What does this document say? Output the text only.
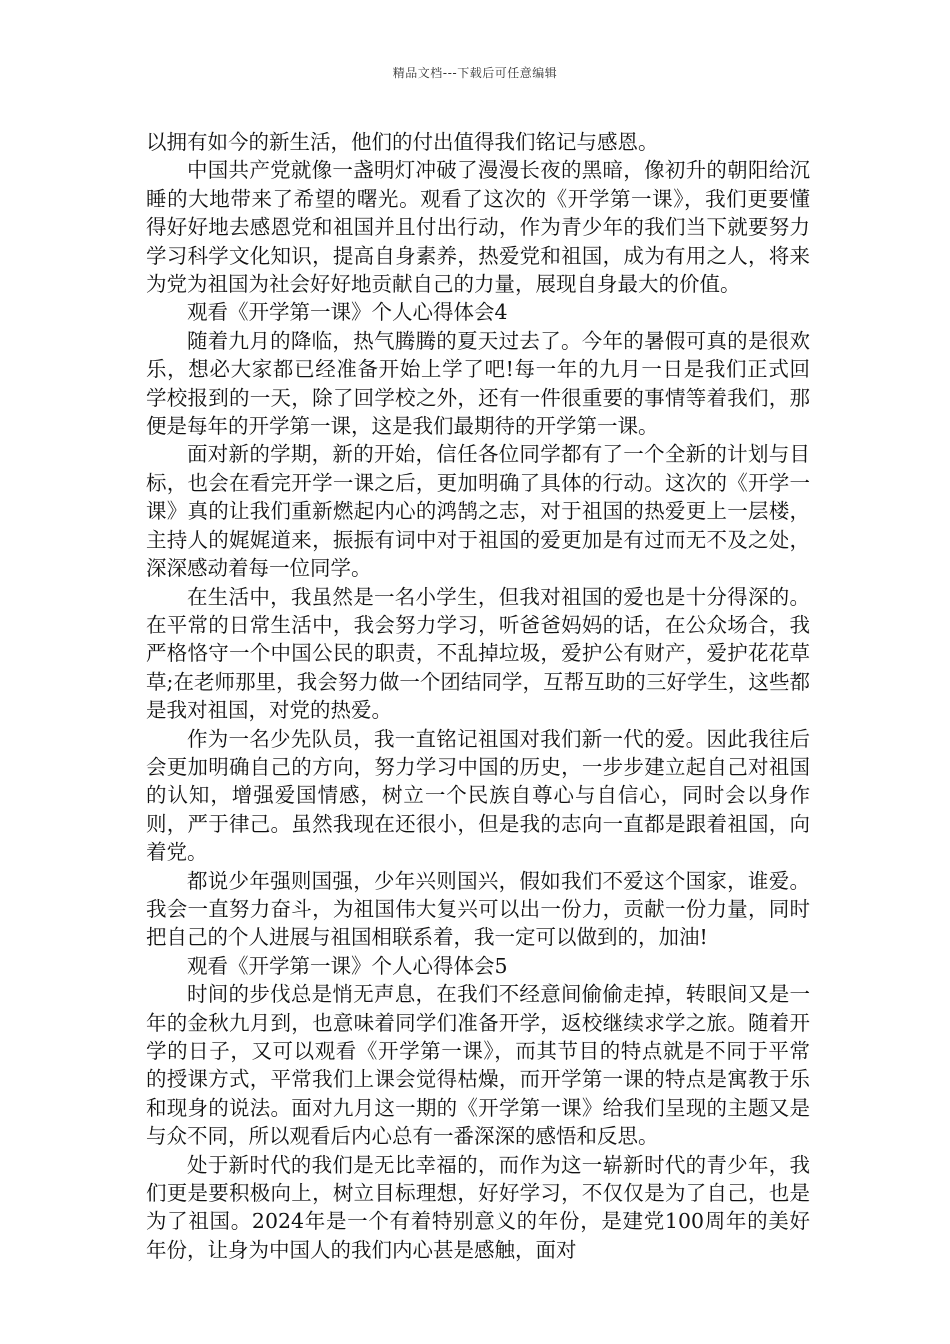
精品文档---下载后可任意编辑

以拥有如今的新生活，他们的付出值得我们铭记与感恩。

中国共产党就像一盏明灯冲破了漫漫长夜的黑暗，像初升的朝阳给沉睡的大地带来了希望的曙光。观看了这次的《开学第一课》，我们更要懂得好好地去感恩党和祖国并且付出行动，作为青少年的我们当下就要努力学习科学文化知识，提高自身素养，热爱党和祖国，成为有用之人，将来为党为祖国为社会好好地贡献自己的力量，展现自身最大的价值。

观看《开学第一课》个人心得体会4

随着九月的降临，热气腾腾的夏天过去了。今年的暑假可真的是很欢乐，想必大家都已经准备开始上学了吧!每一年的九月一日是我们正式回学校报到的一天，除了回学校之外，还有一件很重要的事情等着我们，那便是每年的开学第一课，这是我们最期待的开学第一课。

面对新的学期，新的开始，信任各位同学都有了一个全新的计划与目标，也会在看完开学一课之后，更加明确了具体的行动。这次的《开学一课》真的让我们重新燃起内心的鸿鹄之志，对于祖国的热爱更上一层楼，主持人的娓娓道来，振振有词中对于祖国的爱更加是有过而无不及之处，深深感动着每一位同学。

在生活中，我虽然是一名小学生，但我对祖国的爱也是十分得深的。在平常的日常生活中，我会努力学习，听爸爸妈妈的话，在公众场合，我严格恪守一个中国公民的职责，不乱掉垃圾，爱护公有财产，爱护花花草草;在老师那里，我会努力做一个团结同学，互帮互助的三好学生，这些都是我对祖国，对党的热爱。

作为一名少先队员，我一直铭记祖国对我们新一代的爱。因此我往后会更加明确自己的方向，努力学习中国的历史，一步步建立起自己对祖国的认知，增强爱国情感，树立一个民族自尊心与自信心，同时会以身作则，严于律己。虽然我现在还很小，但是我的志向一直都是跟着祖国，向着党。

都说少年强则国强，少年兴则国兴，假如我们不爱这个国家，谁爱。我会一直努力奋斗，为祖国伟大复兴可以出一份力，贡献一份力量，同时把自己的个人进展与祖国相联系着，我一定可以做到的，加油!

观看《开学第一课》个人心得体会5

时间的步伐总是悄无声息，在我们不经意间偷偷走掉，转眼间又是一年的金秋九月到，也意味着同学们准备开学，返校继续求学之旅。随着开学的日子，又可以观看《开学第一课》，而其节目的特点就是不同于平常的授课方式，平常我们上课会觉得枯燥，而开学第一课的特点是寓教于乐和现身的说法。面对九月这一期的《开学第一课》给我们呈现的主题又是与众不同，所以观看后内心总有一番深深的感悟和反思。

处于新时代的我们是无比幸福的，而作为这一崭新时代的青少年，我们更是要积极向上，树立目标理想，好好学习，不仅仅是为了自己，也是为了祖国。2024年是一个有着特别意义的年份，是建党100周年的美好年份，让身为中国人的我们内心甚是感触，面对
